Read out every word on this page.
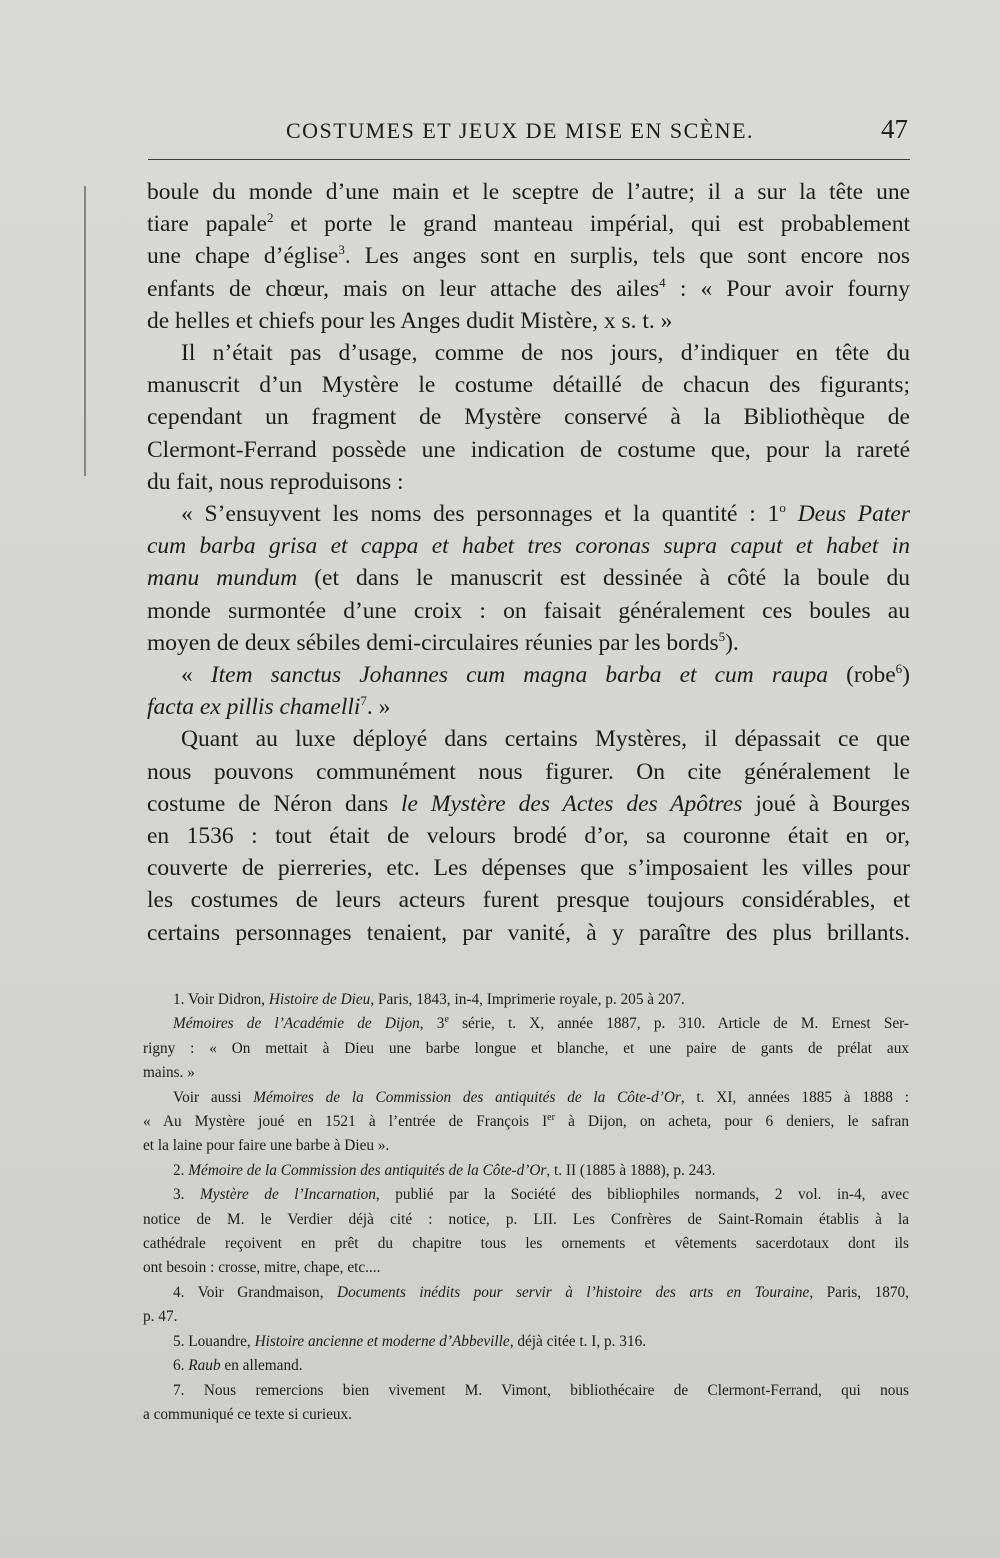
COSTUMES ET JEUX DE MISE EN SCÈNE.	47

boule du monde d’une main et le sceptre de l’autre; il a sur la tête une

tiare papale$^2$ et porte le grand manteau impérial, qui est probablement

une chape d’église$^3$. Les anges sont en surplis, tels que sont encore nos

enfants de chœur, mais on leur attache des ailes$^4$ : « Pour avoir fourny

de helles et chiefs pour les Anges dudit Mistère, x s. t. »

Il n’était pas d’usage, comme de nos jours, d’indiquer en tête du

manuscrit d’un Mystère le costume détaillé de chacun des figurants;

cependant un fragment de Mystère conservé à la Bibliothèque de

Clermont-Ferrand possède une indication de costume que, pour la rareté

du fait, nous reproduisons :

« S’ensuyvent les noms des personnages et la quantité : 1$^o$ Deus Pater

cum barba grisa et cappa et habet tres coronas supra caput et habet in

manu mundum (et dans le manuscrit est dessinée à côté la boule du

monde surmontée d’une croix : on faisait généralement ces boules au

moyen de deux sébiles demi-circulaires réunies par les bords$^5$).

« Item sanctus Johannes cum magna barba et cum raupa (robe$^6$)

facta ex pillis chamelli$^7$. »

Quant au luxe déployé dans certains Mystères, il dépassait ce que

nous pouvons communément nous figurer. On cite généralement le

costume de Néron dans le Mystère des Actes des Apôtres joué à Bourges

en 1536 : tout était de velours brodé d’or, sa couronne était en or,

couverte de pierreries, etc. Les dépenses que s’imposaient les villes pour

les costumes de leurs acteurs furent presque toujours considérables, et

certains personnages tenaient, par vanité, à y paraître des plus brillants.

1. Voir Didron, Histoire de Dieu, Paris, 1843, in-4, Imprimerie royale, p. 205 à 207.

Mémoires de l’Académie de Dijon, 3e série, t. X, année 1887, p. 310. Article de M. Ernest Ser-

rigny : « On mettait à Dieu une barbe longue et blanche, et une paire de gants de prélat aux

mains. »

Voir aussi Mémoires de la Commission des antiquités de la Côte-d’Or, t. XI, années 1885 à 1888 :

« Au Mystère joué en 1521 à l’entrée de François Ier à Dijon, on acheta, pour 6 deniers, le safran

et la laine pour faire une barbe à Dieu ».

2. Mémoire de la Commission des antiquités de la Côte-d’Or, t. II (1885 à 1888), p. 243.

3. Mystère de l’Incarnation, publié par la Société des bibliophiles normands, 2 vol. in-4, avec

notice de M. le Verdier déjà cité : notice, p. LII. Les Confrères de Saint-Romain établis à la

cathédrale reçoivent en prêt du chapitre tous les ornements et vêtements sacerdotaux dont ils

ont besoin : crosse, mitre, chape, etc....

4. Voir Grandmaison, Documents inédits pour servir à l’histoire des arts en Touraine, Paris, 1870,

p. 47.

5. Louandre, Histoire ancienne et moderne d’Abbeville, déjà citée t. I, p. 316.

6. Raub en allemand.

7. Nous remercions bien vivement M. Vimont, bibliothécaire de Clermont-Ferrand, qui nous

a communiqué ce texte si curieux.
